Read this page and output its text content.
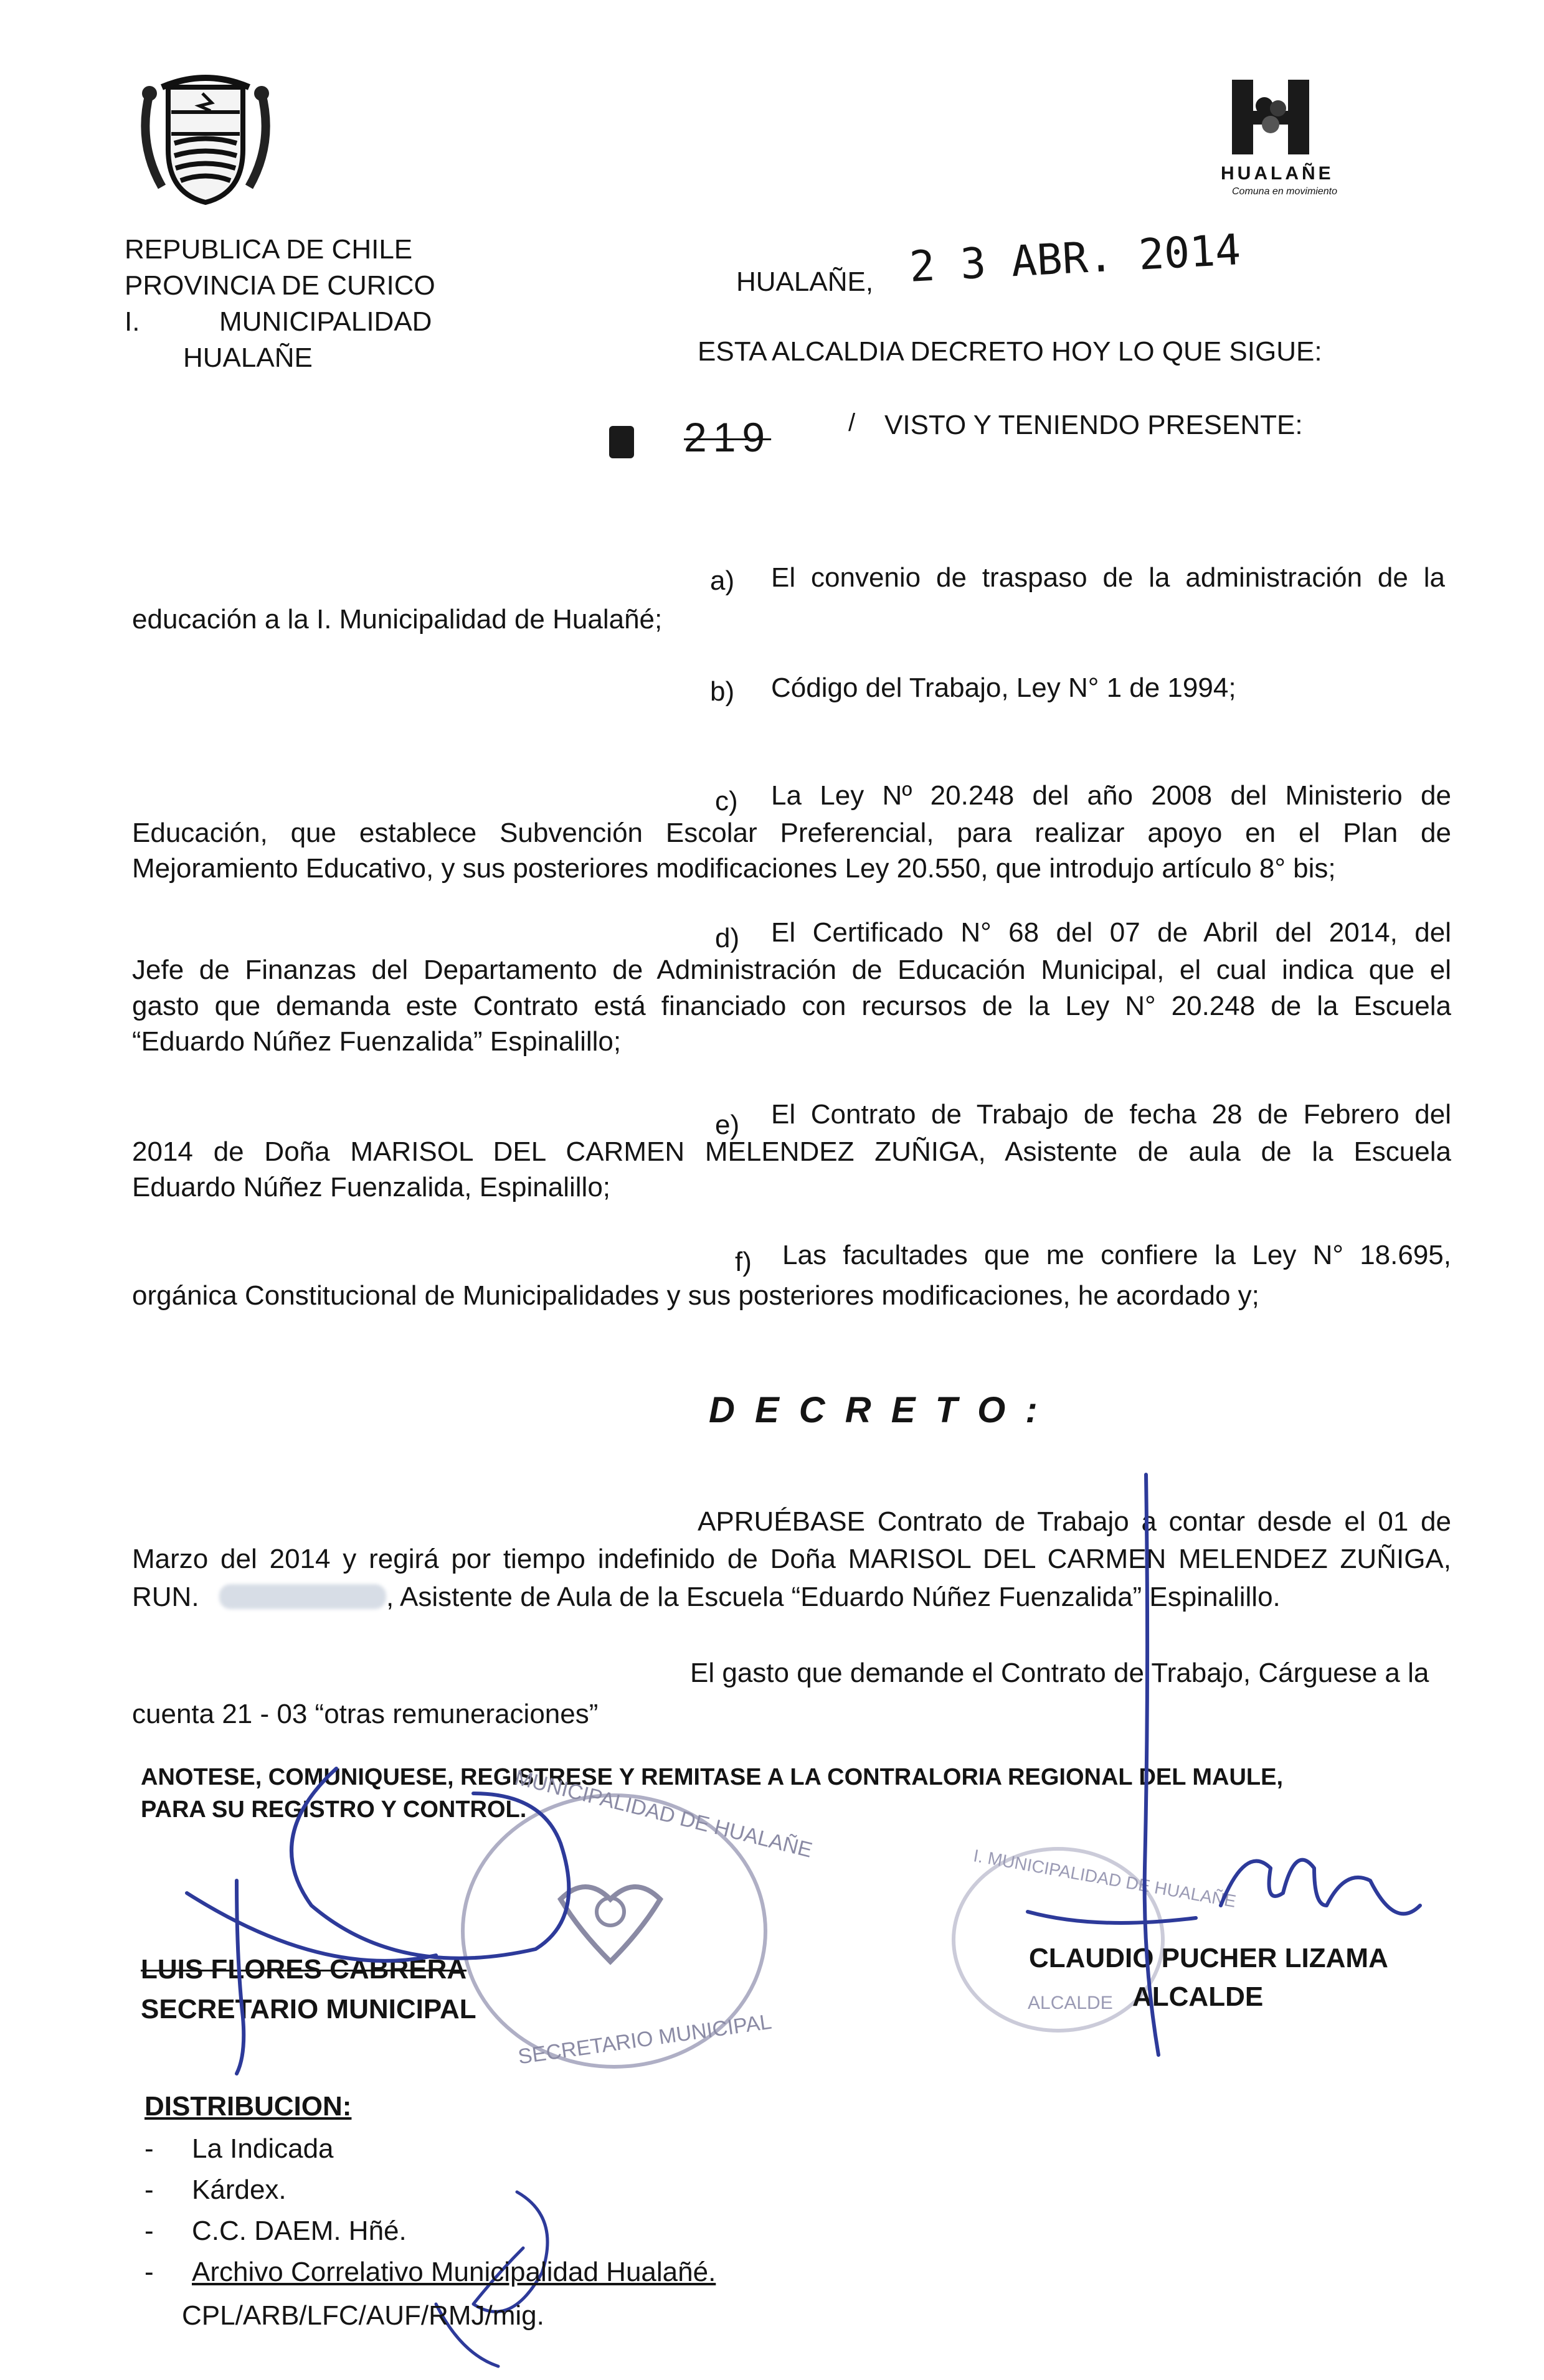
REPUBLICA DE CHILE
PROVINCIA DE CURICO
I.	MUNICIPALIDAD
HUALAÑE
HUALAÑE
Comuna en movimiento
HUALAÑE, 2 3 ABR. 2014
ESTA ALCALDIA DECRETO HOY LO QUE SIGUE:
219	/ VISTO Y TENIENDO PRESENTE:
a) El convenio de traspaso de la administración de la
educación a la I. Municipalidad de Hualañé;
b) Código del Trabajo, Ley N° 1 de 1994;
c) La Ley Nº 20.248 del año 2008 del Ministerio de
Educación, que establece Subvención Escolar Preferencial, para realizar apoyo en el Plan de
Mejoramiento Educativo, y sus posteriores modificaciones Ley 20.550, que introdujo artículo 8° bis;
d) El Certificado N° 68 del 07 de Abril del 2014, del
Jefe de Finanzas del Departamento de Administración de Educación Municipal, el cual indica que el
gasto que demanda este Contrato está financiado con recursos de la Ley N° 20.248 de la Escuela
“Eduardo Núñez Fuenzalida” Espinalillo;
e) El Contrato de Trabajo de fecha 28 de Febrero del
2014 de Doña MARISOL DEL CARMEN MELENDEZ ZUÑIGA, Asistente de aula de la Escuela
Eduardo Núñez Fuenzalida, Espinalillo;
f) Las facultades que me confiere la Ley N° 18.695,
orgánica Constitucional de Municipalidades y sus posteriores modificaciones, he acordado y;
D E C R E T O :
APRUÉBASE Contrato de Trabajo a contar desde el 01 de
Marzo del 2014 y regirá por tiempo indefinido de Doña MARISOL DEL CARMEN MELENDEZ ZUÑIGA,
RUN.	, Asistente de Aula de la Escuela “Eduardo Núñez Fuenzalida” Espinalillo.
El gasto que demande el Contrato de Trabajo, Cárguese a la
cuenta 21 - 03 “otras remuneraciones”
ANOTESE, COMUNIQUESE, REGISTRESE Y REMITASE A LA CONTRALORIA REGIONAL DEL MAULE,
PARA SU REGISTRO Y CONTROL.
MUNICIPALIDAD DE HUALAÑE
SECRETARIO MUNICIPAL
I. MUNICIPALIDAD DE HUALAÑE
ALCALDE
LUIS FLORES CABRERA
SECRETARIO MUNICIPAL
CLAUDIO PUCHER LIZAMA
ALCALDE
DISTRIBUCION:
- La Indicada
- Kárdex.
- C.C. DAEM. Hñé.
- Archivo Correlativo Municipalidad Hualañé.
CPL/ARB/LFC/AUF/RMJ/mig.
